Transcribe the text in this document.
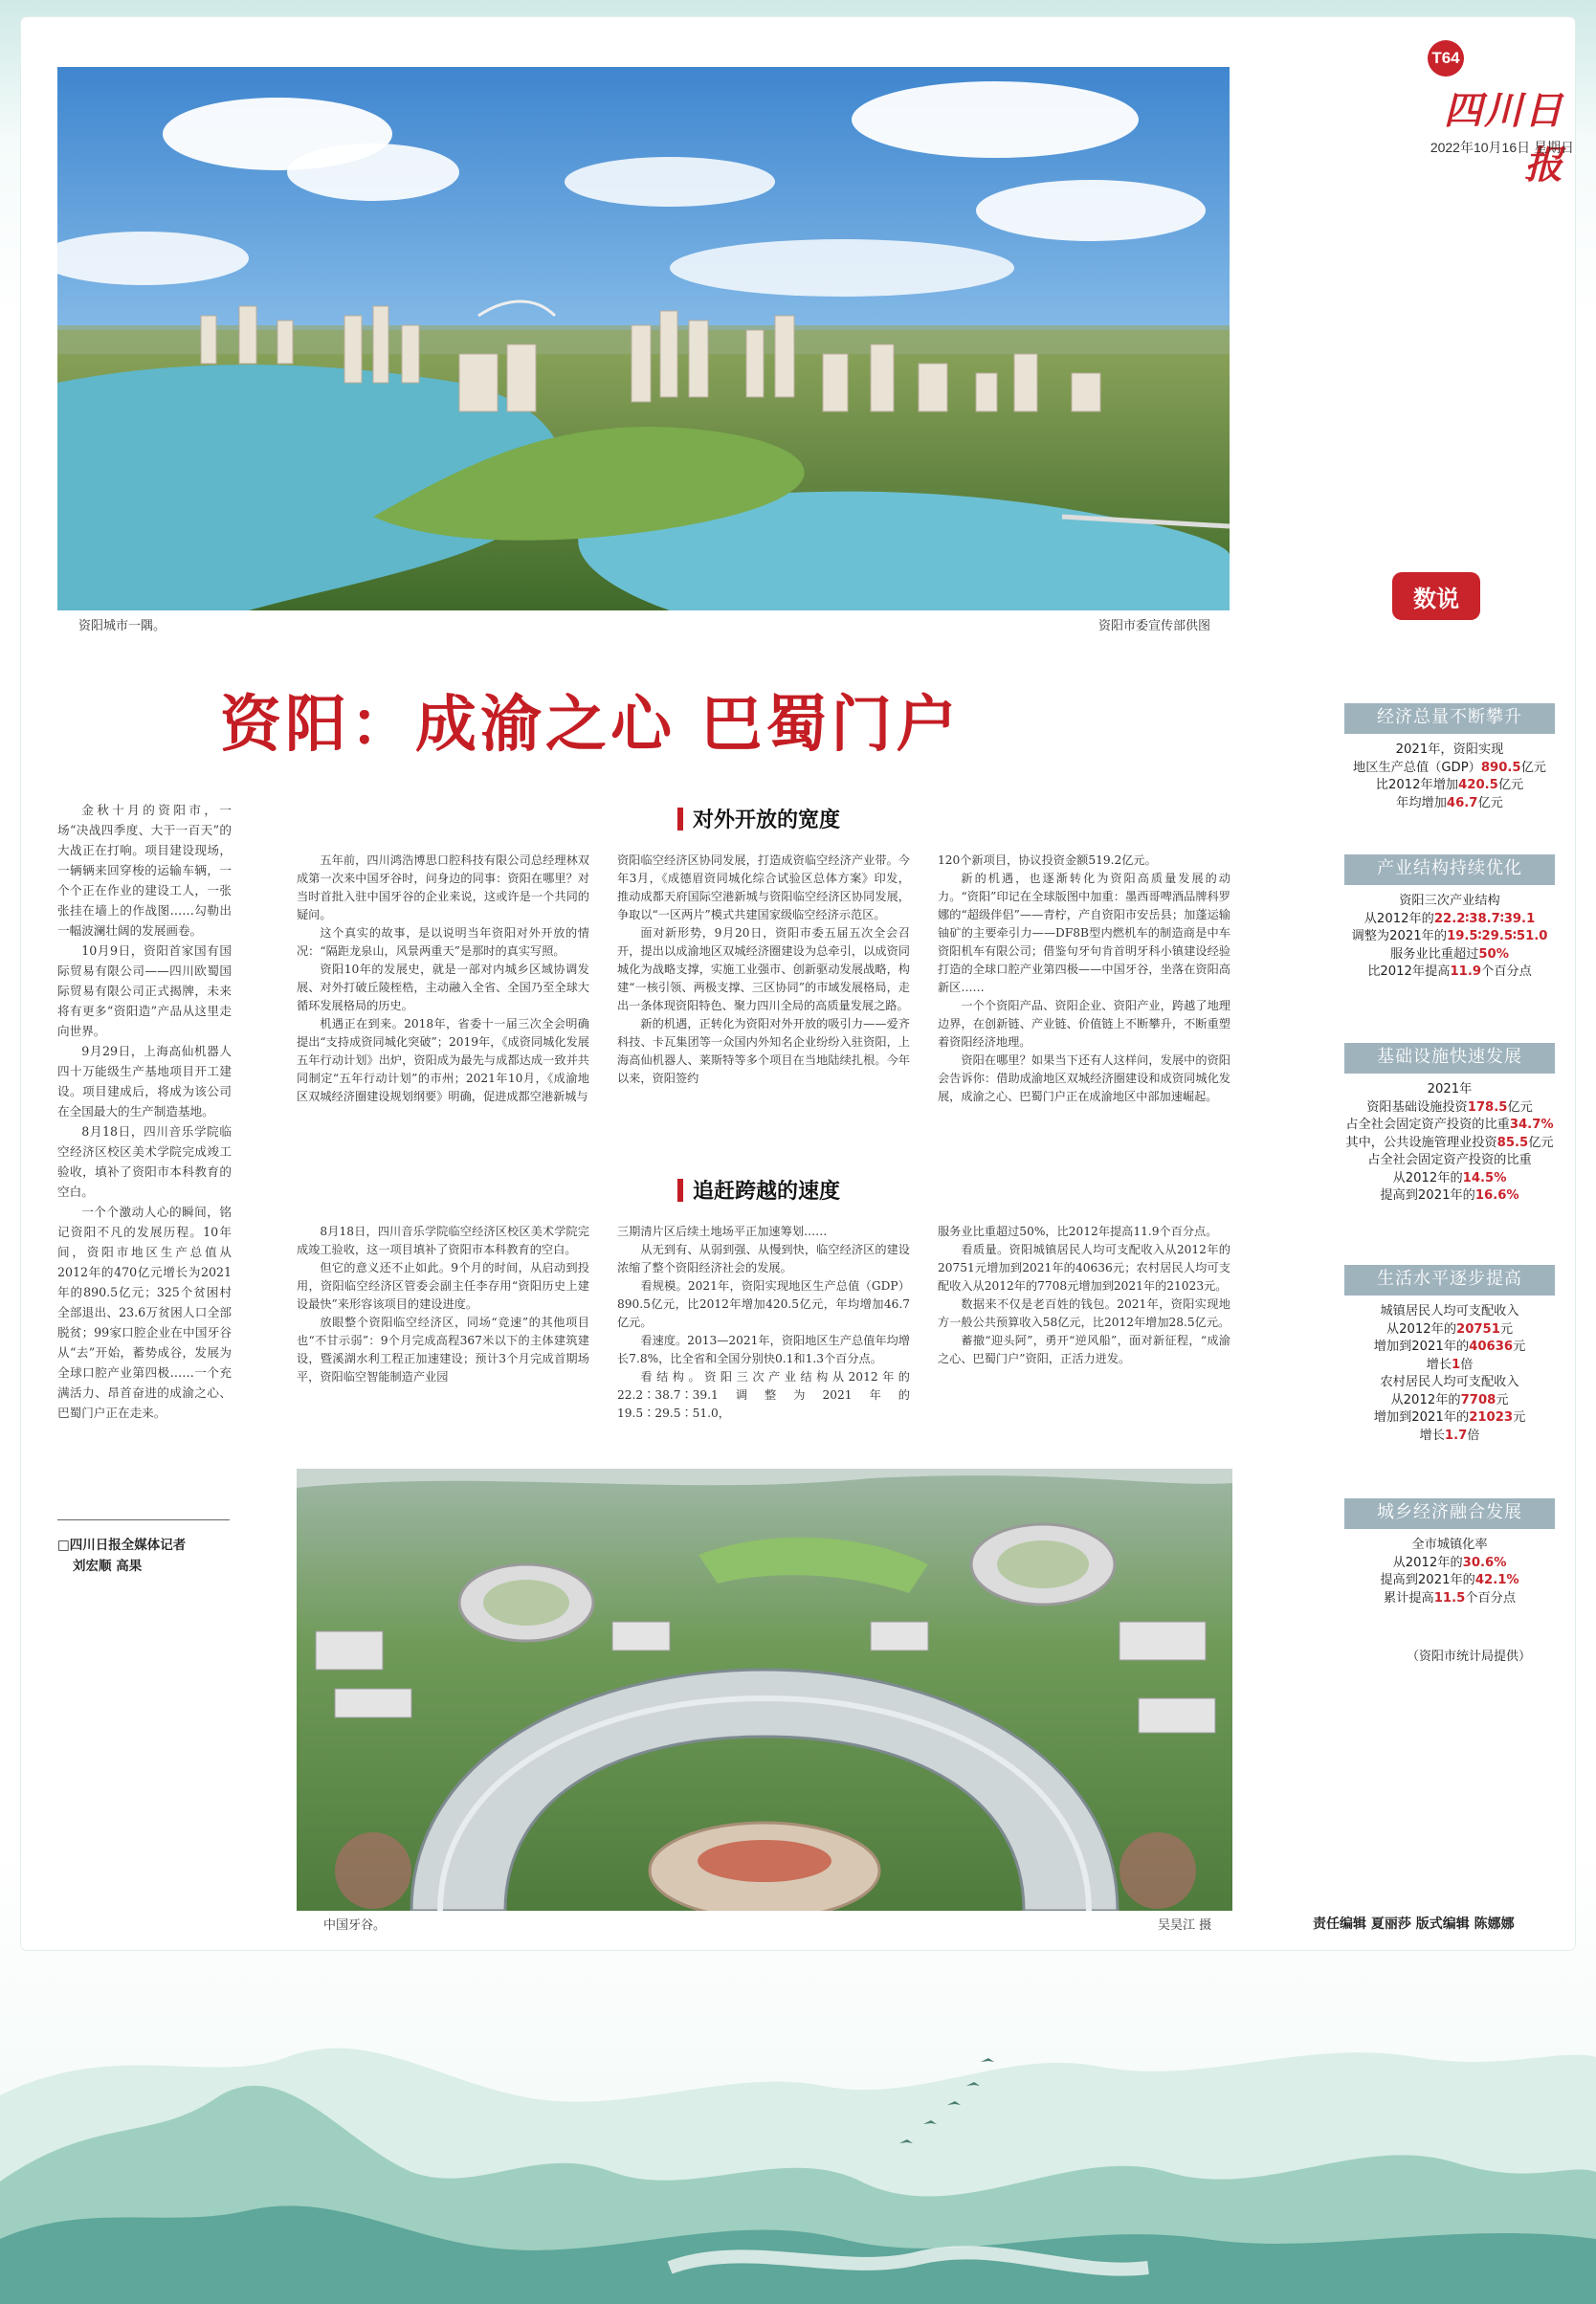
T64
四川日报
2022年10月16日 星期日
资阳城市一隅。	资阳市委宣传部供图
资阳：成渝之心 巴蜀门户

金秋十月的资阳市，一场“决战四季度、大干一百天”的大战正在打响。项目建设现场，一辆辆来回穿梭的运输车辆，一个个正在作业的建设工人，一张张挂在墙上的作战图……勾勒出一幅波澜壮阔的发展画卷。

10月9日，资阳首家国有国际贸易有限公司——四川欧蜀国际贸易有限公司正式揭牌，未来将有更多“资阳造”产品从这里走向世界。

9月29日，上海高仙机器人四十万能级生产基地项目开工建设。项目建成后，将成为该公司在全国最大的生产制造基地。

8月18日，四川音乐学院临空经济区校区美术学院完成竣工验收，填补了资阳市本科教育的空白。

一个个激动人心的瞬间，铭记资阳不凡的发展历程。10年间，资阳市地区生产总值从2012年的470亿元增长为2021年的890.5亿元；325个贫困村全部退出、23.6万贫困人口全部脱贫；99家口腔企业在中国牙谷从“去”开始，蓄势成谷，发展为全球口腔产业第四极……一个充满活力、昂首奋进的成渝之心、巴蜀门户正在走来。

□四川日报全媒体记者
刘宏顺 高果
对外开放的宽度

五年前，四川鸿浩博思口腔科技有限公司总经理林双成第一次来中国牙谷时，问身边的同事：资阳在哪里？对当时首批入驻中国牙谷的企业来说，这或许是一个共同的疑问。

这个真实的故事，是以说明当年资阳对外开放的情况：“隔距龙泉山，风景两重天”是那时的真实写照。

资阳10年的发展史，就是一部对内城乡区域协调发展、对外打破丘陵桎梏，主动融入全省、全国乃至全球大循环发展格局的历史。

机遇正在到来。2018年，省委十一届三次全会明确提出“支持成资同城化突破”；2019年，《成资同城化发展五年行动计划》出炉，资阳成为最先与成都达成一致并共同制定“五年行动计划”的市州；2021年10月，《成渝地区双城经济圈建设规划纲要》明确，促进成都空港新城与

资阳临空经济区协同发展，打造成资临空经济产业带。今年3月，《成德眉资同城化综合试验区总体方案》印发，推动成都天府国际空港新城与资阳临空经济区协同发展，争取以“一区两片”模式共建国家级临空经济示范区。

面对新形势，9月20日，资阳市委五届五次全会召开，提出以成渝地区双城经济圈建设为总牵引，以成资同城化为战略支撑，实施工业强市、创新驱动发展战略，构建“一核引领、两极支撑、三区协同”的市域发展格局，走出一条体现资阳特色、聚力四川全局的高质量发展之路。

新的机遇，正转化为资阳对外开放的吸引力——爱齐科技、卡瓦集团等一众国内外知名企业纷纷入驻资阳，上海高仙机器人、莱斯特等多个项目在当地陆续扎根。今年以来，资阳签约

120个新项目，协议投资金额519.2亿元。

新的机遇，也逐渐转化为资阳高质量发展的动力。“资阳”印记在全球版图中加重：墨西哥啤酒品牌科罗娜的“超级伴侣”——青柠，产自资阳市安岳县；加蓬运输铀矿的主要牵引力——DF8B型内燃机车的制造商是中车资阳机车有限公司；借鉴句牙句肯首明牙科小镇建设经验打造的全球口腔产业第四极——中国牙谷，坐落在资阳高新区……

一个个资阳产品、资阳企业、资阳产业，跨越了地理边界，在创新链、产业链、价值链上不断攀升，不断重塑着资阳经济地理。

资阳在哪里？如果当下还有人这样问，发展中的资阳会告诉你：借助成渝地区双城经济圈建设和成资同城化发展，成渝之心、巴蜀门户正在成渝地区中部加速崛起。

追赶跨越的速度

8月18日，四川音乐学院临空经济区校区美术学院完成竣工验收，这一项目填补了资阳市本科教育的空白。

但它的意义还不止如此。9个月的时间，从启动到投用，资阳临空经济区管委会副主任李存用“资阳历史上建设最快”来形容该项目的建设进度。

放眼整个资阳临空经济区，同场“竞速”的其他项目也“不甘示弱”：9个月完成高程367米以下的主体建筑建设，暨溪湖水利工程正加速建设；预计3个月完成首期场平，资阳临空智能制造产业园

三期清片区后续土地场平正加速筹划……

从无到有、从弱到强、从慢到快，临空经济区的建设浓缩了整个资阳经济社会的发展。

看规模。2021年，资阳实现地区生产总值（GDP）890.5亿元，比2012年增加420.5亿元，年均增加46.7亿元。

看速度。2013—2021年，资阳地区生产总值年均增长7.8%，比全省和全国分别快0.1和1.3个百分点。

看结构。资阳三次产业结构从2012年的22.2∶38.7∶39.1调整为2021年的19.5∶29.5∶51.0，

服务业比重超过50%，比2012年提高11.9个百分点。

看质量。资阳城镇居民人均可支配收入从2012年的20751元增加到2021年的40636元；农村居民人均可支配收入从2012年的7708元增加到2021年的21023元。

数据来不仅是老百姓的钱包。2021年，资阳实现地方一般公共预算收入58亿元，比2012年增加28.5亿元。

蓄撤“迎头阿”，勇开“逆风船”，面对新征程，“成渝之心、巴蜀门户”资阳，正活力迸发。

中国牙谷。	吴昊江 摄
数说
经济总量不断攀升
2021年，资阳实现
地区生产总值（GDP）890.5亿元
比2012年增加420.5亿元
年均增加46.7亿元
产业结构持续优化
资阳三次产业结构
从2012年的22.2∶38.7∶39.1
调整为2021年的19.5∶29.5∶51.0
服务业比重超过50%
比2012年提高11.9个百分点
基础设施快速发展
2021年
资阳基础设施投资178.5亿元
占全社会固定资产投资的比重34.7%
其中，公共设施管理业投资85.5亿元
占全社会固定资产投资的比重
从2012年的14.5%
提高到2021年的16.6%
生活水平逐步提高
城镇居民人均可支配收入
从2012年的20751元
增加到2021年的40636元
增长1倍
农村居民人均可支配收入
从2012年的7708元
增加到2021年的21023元
增长1.7倍
城乡经济融合发展
全市城镇化率
从2012年的30.6%
提高到2021年的42.1%
累计提高11.5个百分点
（资阳市统计局提供）
责任编辑 夏丽莎 版式编辑 陈娜娜
